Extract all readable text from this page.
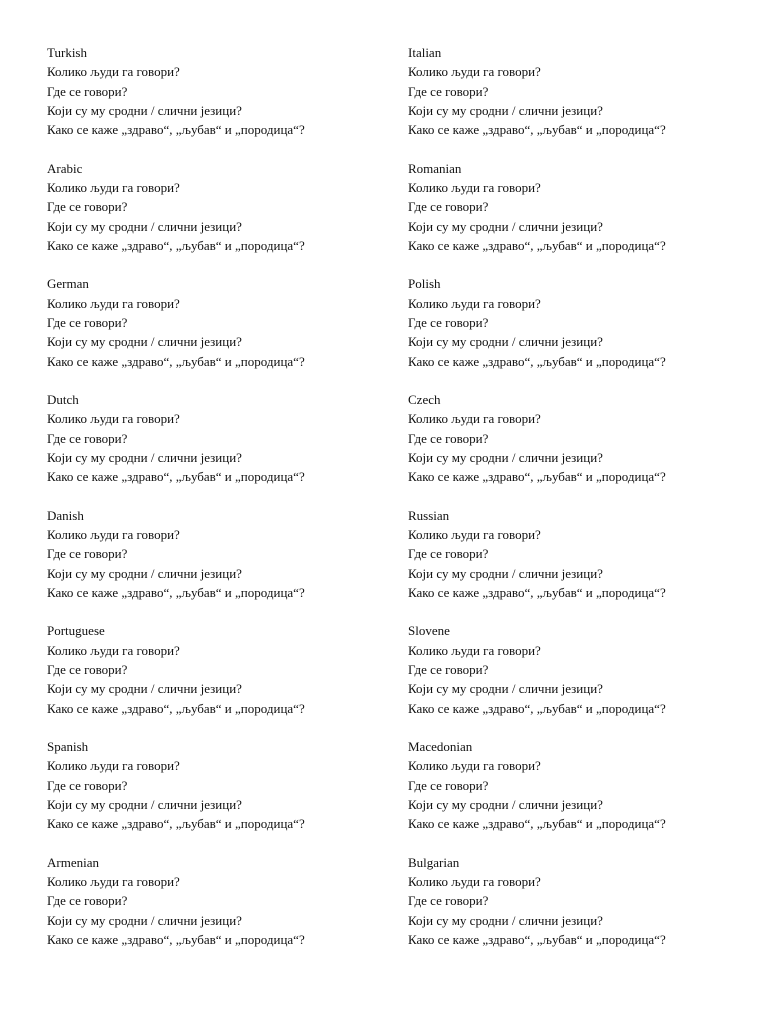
Turkish
Колико људи га говори?
Где се говори?
Који су му сродни / слични језици?
Како се каже „здраво“, „љубав“ и „породица“?
Arabic
Колико људи га говори?
Где се говори?
Који су му сродни / слични језици?
Како се каже „здраво“, „љубав“ и „породица“?
German
Колико људи га говори?
Где се говори?
Који су му сродни / слични језици?
Како се каже „здраво“, „љубав“ и „породица“?
Dutch
Колико људи га говори?
Где се говори?
Који су му сродни / слични језици?
Како се каже „здраво“, „љубав“ и „породица“?
Danish
Колико људи га говори?
Где се говори?
Који су му сродни / слични језици?
Како се каже „здраво“, „љубав“ и „породица“?
Portuguese
Колико људи га говори?
Где се говори?
Који су му сродни / слични језици?
Како се каже „здраво“, „љубав“ и „породица“?
Spanish
Колико људи га говори?
Где се говори?
Који су му сродни / слични језици?
Како се каже „здраво“, „љубав“ и „породица“?
Armenian
Колико људи га говори?
Где се говори?
Који су му сродни / слични језици?
Како се каже „здраво“, „љубав“ и „породица“?
Italian
Колико људи га говори?
Где се говори?
Који су му сродни / слични језици?
Како се каже „здраво“, „љубав“ и „породица“?
Romanian
Колико људи га говори?
Где се говори?
Који су му сродни / слични језици?
Како се каже „здраво“, „љубав“ и „породица“?
Polish
Колико људи га говори?
Где се говори?
Који су му сродни / слични језици?
Како се каже „здраво“, „љубав“ и „породица“?
Czech
Колико људи га говори?
Где се говори?
Који су му сродни / слични језици?
Како се каже „здраво“, „љубав“ и „породица“?
Russian
Колико људи га говори?
Где се говори?
Који су му сродни / слични језици?
Како се каже „здраво“, „љубав“ и „породица“?
Slovene
Колико људи га говори?
Где се говори?
Који су му сродни / слични језици?
Како се каже „здраво“, „љубав“ и „породица“?
Macedonian
Колико људи га говори?
Где се говори?
Који су му сродни / слични језици?
Како се каже „здраво“, „љубав“ и „породица“?
Bulgarian
Колико људи га говори?
Где се говори?
Који су му сродни / слични језици?
Како се каже „здраво“, „љубав“ и „породица“?
